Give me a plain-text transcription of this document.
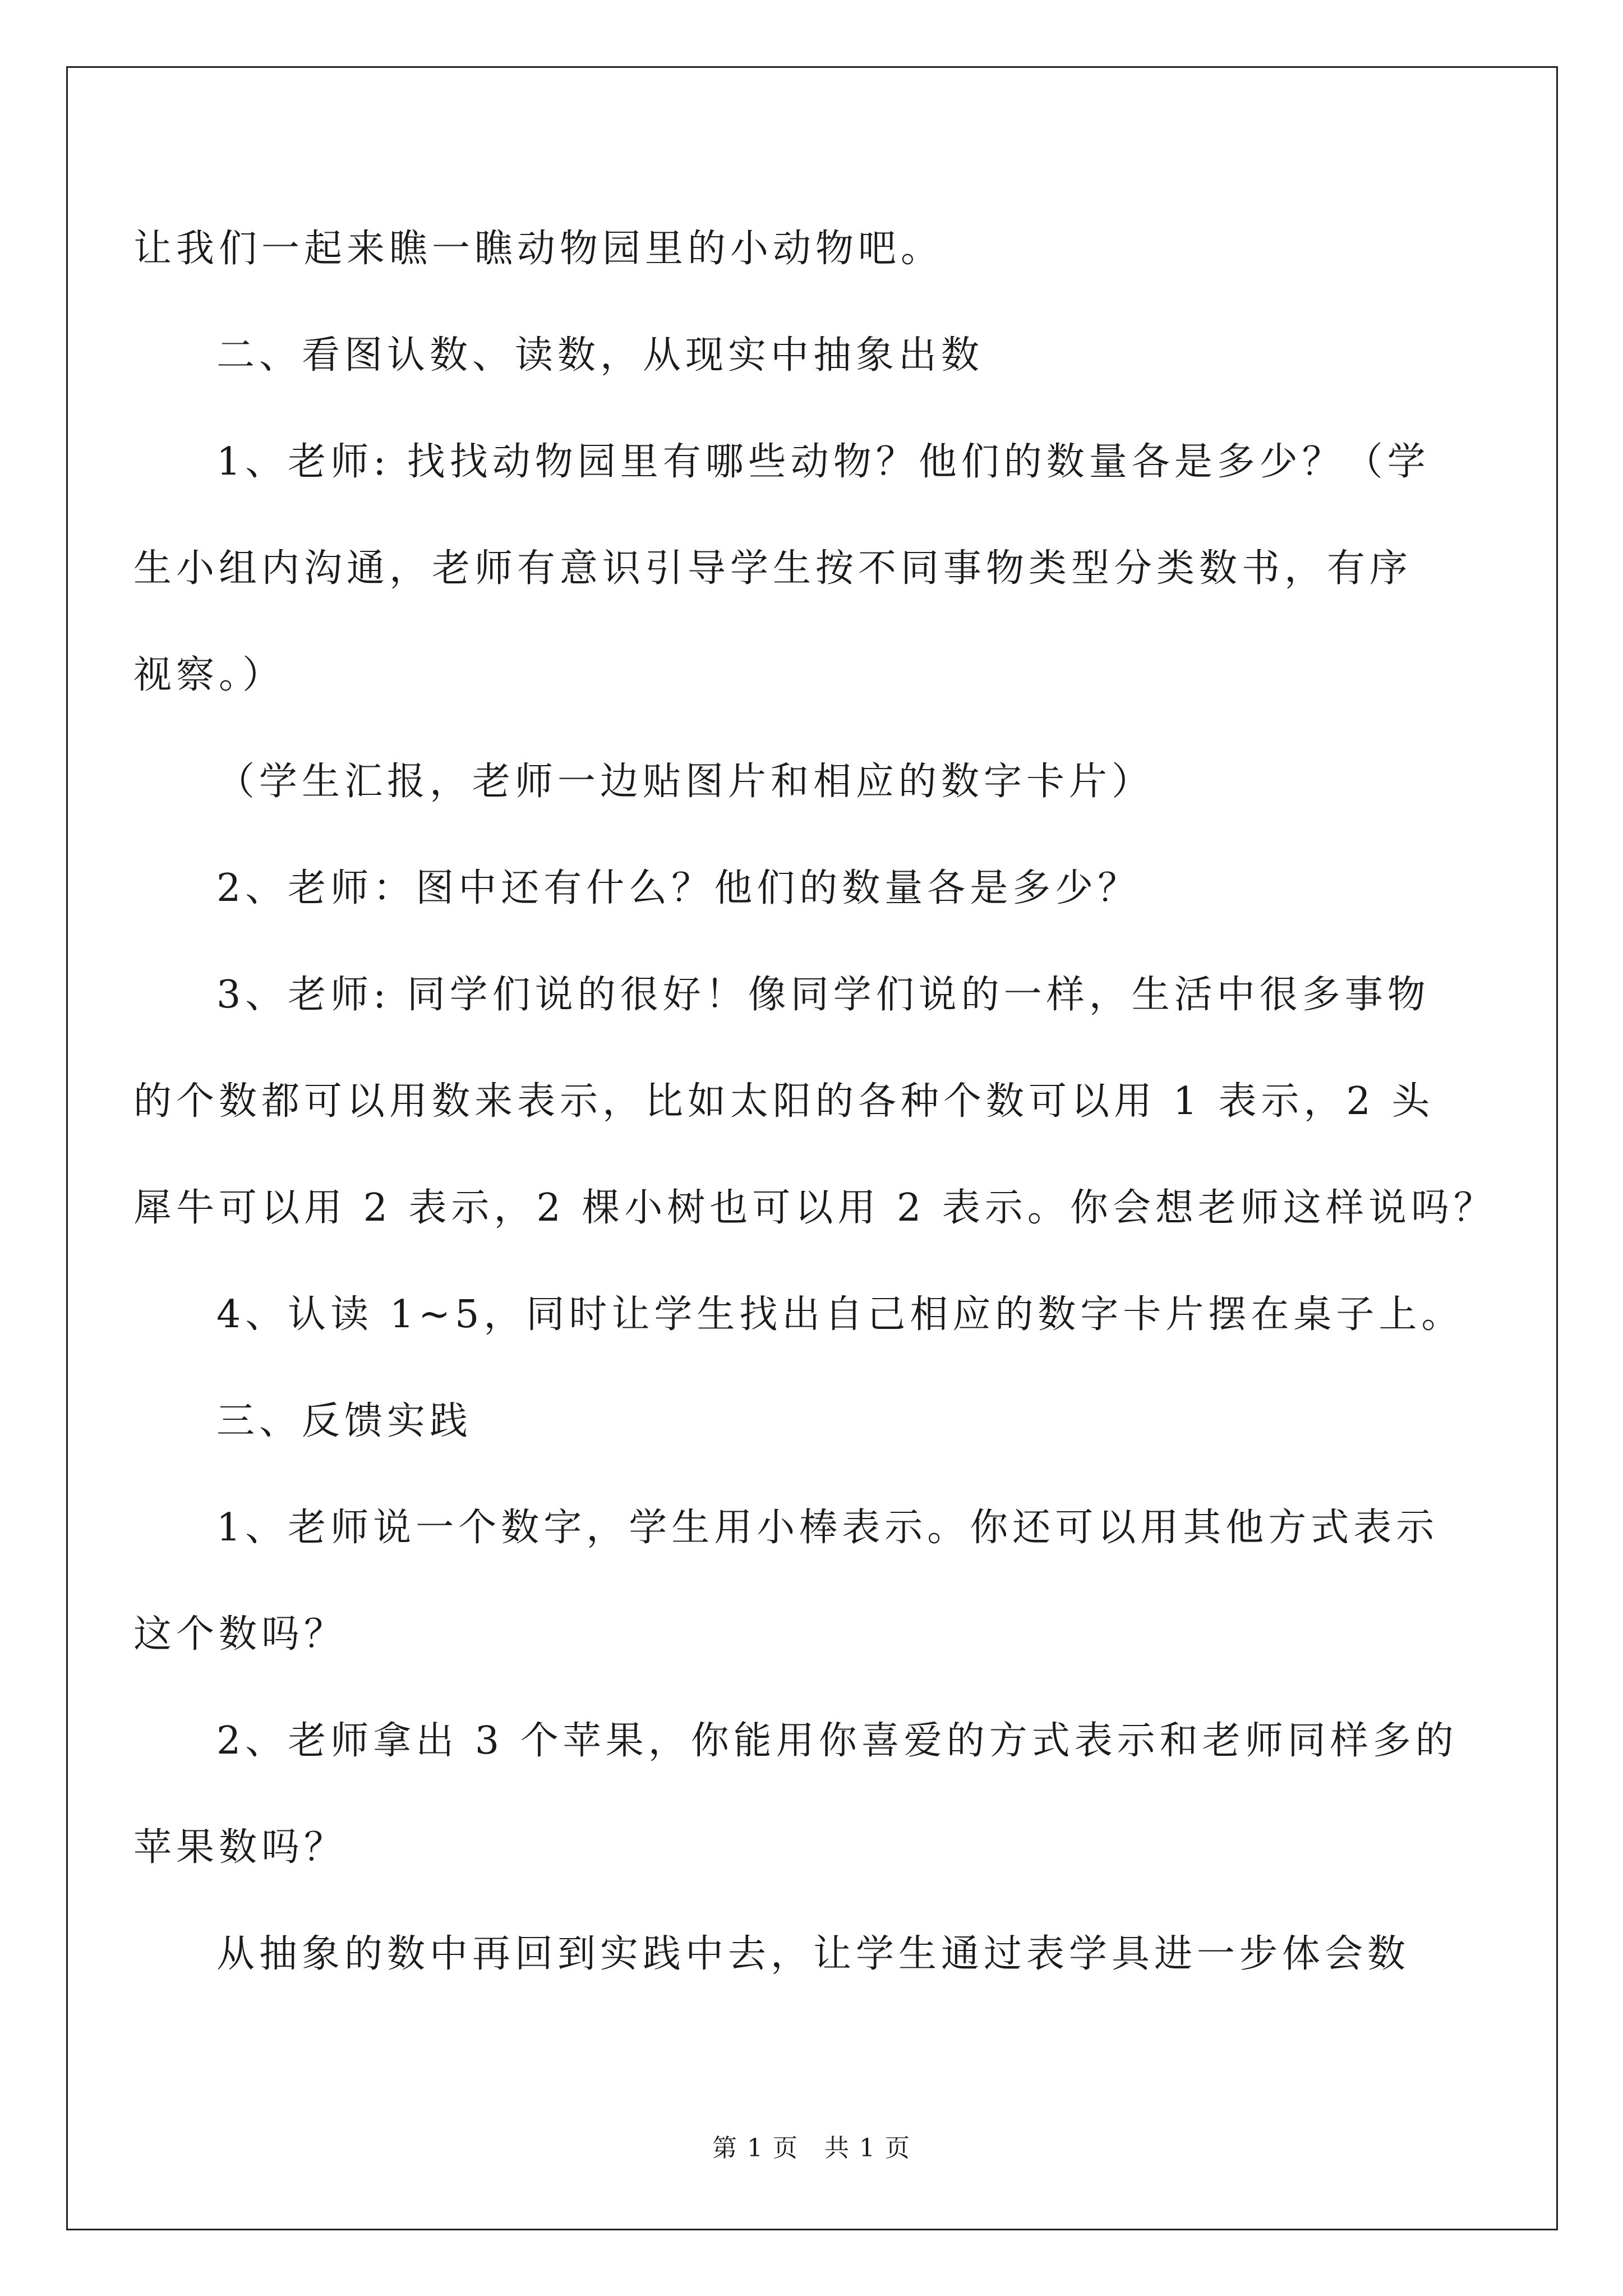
让我们一起来瞧一瞧动物园里的小动物吧。
二、看图认数、读数，从现实中抽象出数
1、老师: 找找动物园里有哪些动物？他们的数量各是多少？（学
生小组内沟通，老师有意识引导学生按不同事物类型分类数书，有序
视察。）
（学生汇报，老师一边贴图片和相应的数字卡片）
2、老师：图中还有什么？他们的数量各是多少？
3、老师: 同学们说的很好！像同学们说的一样，生活中很多事物
的个数都可以用数来表示，比如太阳的各种个数可以用 1 表示，2 头
犀牛可以用 2 表示，2 棵小树也可以用 2 表示。你会想老师这样说吗？
4、认读 1~5，同时让学生找出自己相应的数字卡片摆在桌子上。
三、反馈实践
1、老师说一个数字，学生用小棒表示。你还可以用其他方式表示
这个数吗？
2、老师拿出 3 个苹果，你能用你喜爱的方式表示和老师同样多的
苹果数吗？
从抽象的数中再回到实践中去，让学生通过表学具进一步体会数
第 1 页　共 1 页
